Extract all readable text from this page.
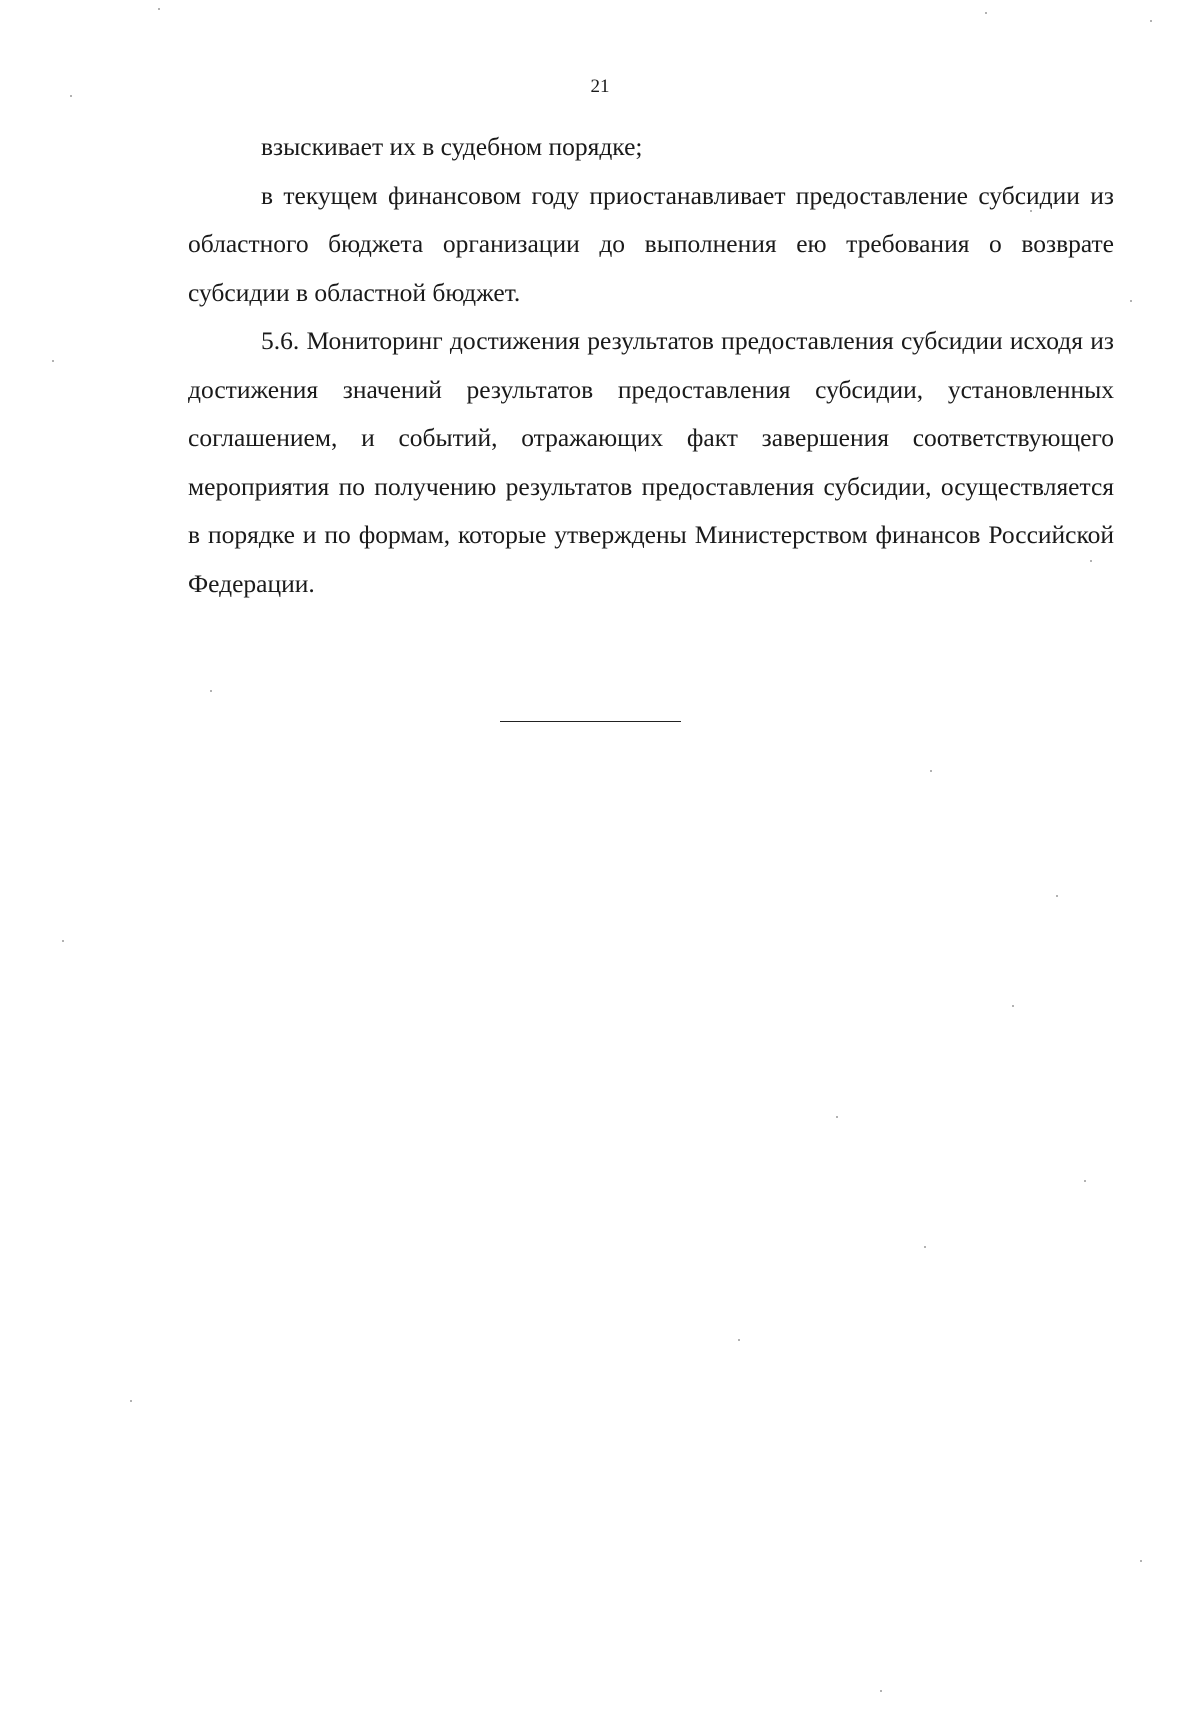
21

взыскивает их в судебном порядке;

в текущем финансовом году приостанавливает предоставление субсидии из областного бюджета организации до выполнения ею требования о возврате субсидии в областной бюджет.

5.6. Мониторинг достижения результатов предоставления субсидии исходя из достижения значений результатов предоставления субсидии, установленных соглашением, и событий, отражающих факт завершения соответствующего мероприятия по получению результатов предоставления субсидии, осуществляется в порядке и по формам, которые утверждены Министерством финансов Российской Федерации.
